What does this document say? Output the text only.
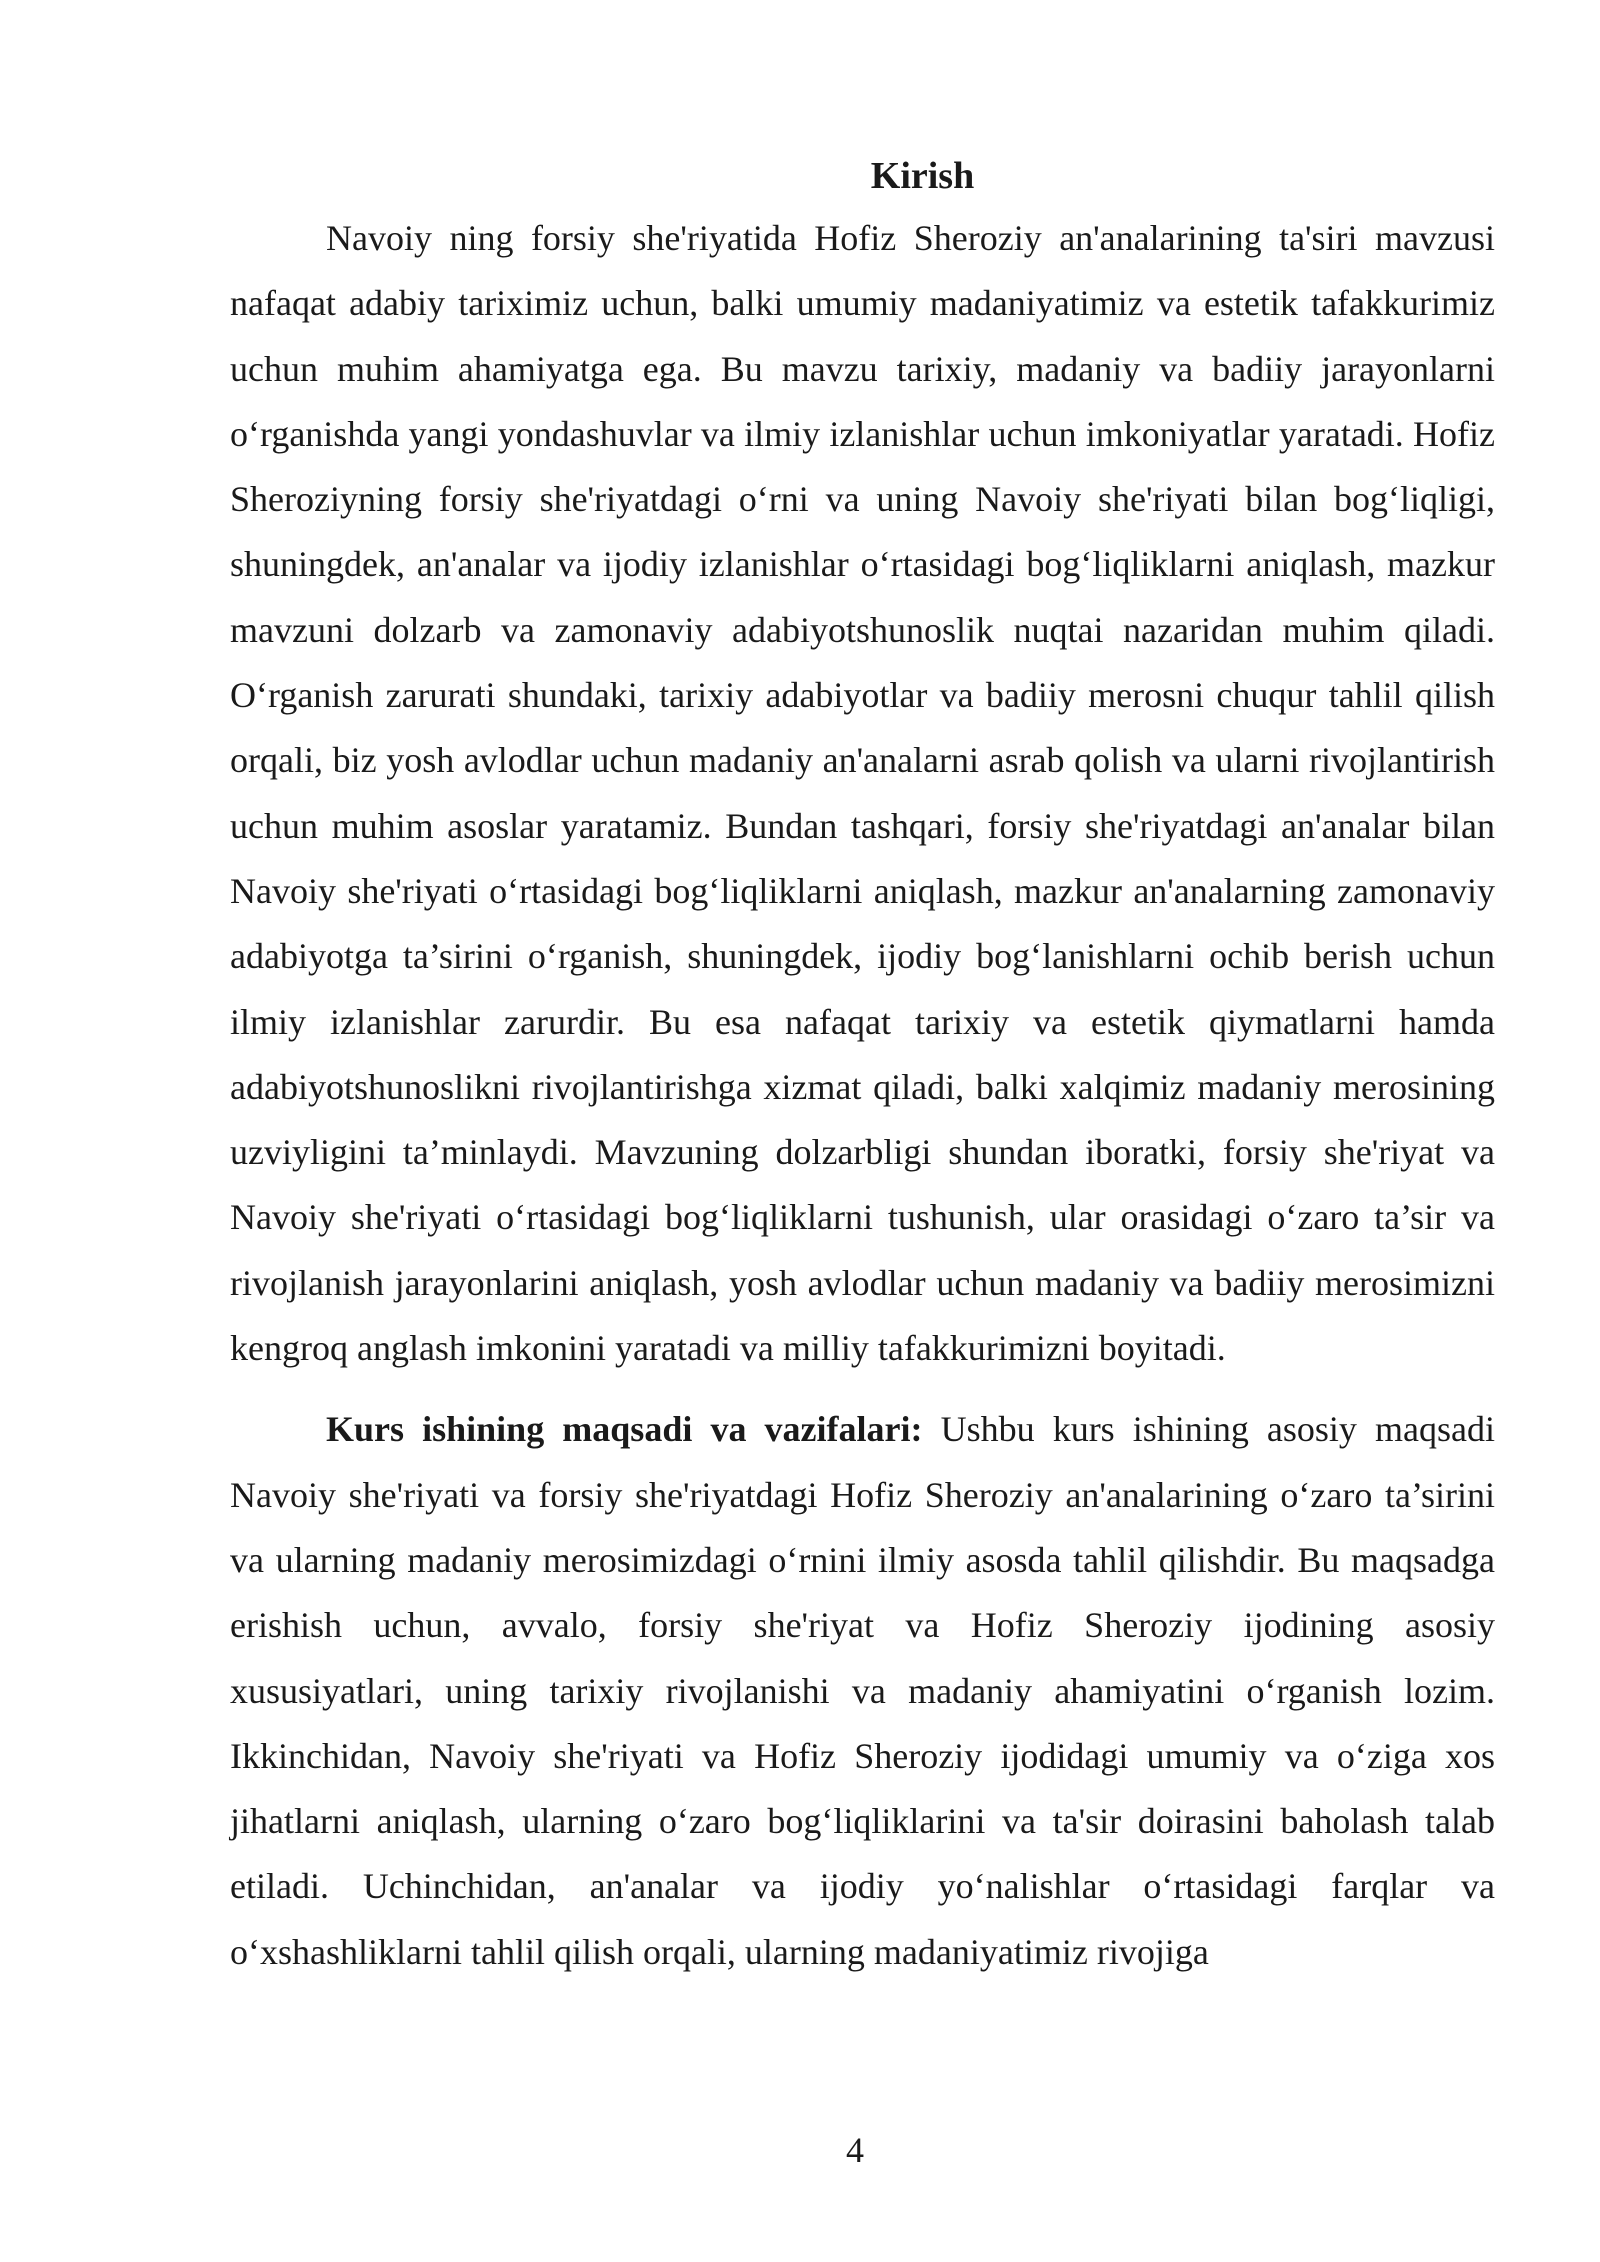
Kirish

Navoiy ning forsiy she'riyatida Hofiz Sheroziy an'analarining ta'siri mavzusi nafaqat adabiy tariximiz uchun, balki umumiy madaniyatimiz va estetik tafakkurimiz uchun muhim ahamiyatga ega. Bu mavzu tarixiy, madaniy va badiiy jarayonlarni o‘rganishda yangi yondashuvlar va ilmiy izlanishlar uchun imkoniyatlar yaratadi. Hofiz Sheroziyning forsiy she'riyatdagi o‘rni va uning Navoiy she'riyati bilan bog‘liqligi, shuningdek, an'analar va ijodiy izlanishlar o‘rtasidagi bog‘liqliklarni aniqlash, mazkur mavzuni dolzarb va zamonaviy adabiyotshunoslik nuqtai nazaridan muhim qiladi. O‘rganish zarurati shundaki, tarixiy adabiyotlar va badiiy merosni chuqur tahlil qilish orqali, biz yosh avlodlar uchun madaniy an'analarni asrab qolish va ularni rivojlantirish uchun muhim asoslar yaratamiz. Bundan tashqari, forsiy she'riyatdagi an'analar bilan Navoiy she'riyati o‘rtasidagi bog‘liqliklarni aniqlash, mazkur an'analarning zamonaviy adabiyotga ta’sirini o‘rganish, shuningdek, ijodiy bog‘lanishlarni ochib berish uchun ilmiy izlanishlar zarurdir. Bu esa nafaqat tarixiy va estetik qiymatlarni hamda adabiyotshunoslikni rivojlantirishga xizmat qiladi, balki xalqimiz madaniy merosining uzviyligini ta’minlaydi. Mavzuning dolzarbligi shundan iboratki, forsiy she'riyat va Navoiy she'riyati o‘rtasidagi bog‘liqliklarni tushunish, ular orasidagi o‘zaro ta’sir va rivojlanish jarayonlarini aniqlash, yosh avlodlar uchun madaniy va badiiy merosimizni kengroq anglash imkonini yaratadi va milliy tafakkurimizni boyitadi.

Kurs ishining maqsadi va vazifalari: Ushbu kurs ishining asosiy maqsadi Navoiy she'riyati va forsiy she'riyatdagi Hofiz Sheroziy an'analarining o‘zaro ta’sirini va ularning madaniy merosimizdagi o‘rnini ilmiy asosda tahlil qilishdir. Bu maqsadga erishish uchun, avvalo, forsiy she'riyat va Hofiz Sheroziy ijodining asosiy xususiyatlari, uning tarixiy rivojlanishi va madaniy ahamiyatini o‘rganish lozim. Ikkinchidan, Navoiy she'riyati va Hofiz Sheroziy ijodidagi umumiy va o‘ziga xos jihatlarni aniqlash, ularning o‘zaro bog‘liqliklarini va ta'sir doirasini baholash talab etiladi. Uchinchidan, an'analar va ijodiy yo‘nalishlar o‘rtasidagi farqlar va o‘xshashliklarni tahlil qilish orqali, ularning madaniyatimiz rivojiga

4
